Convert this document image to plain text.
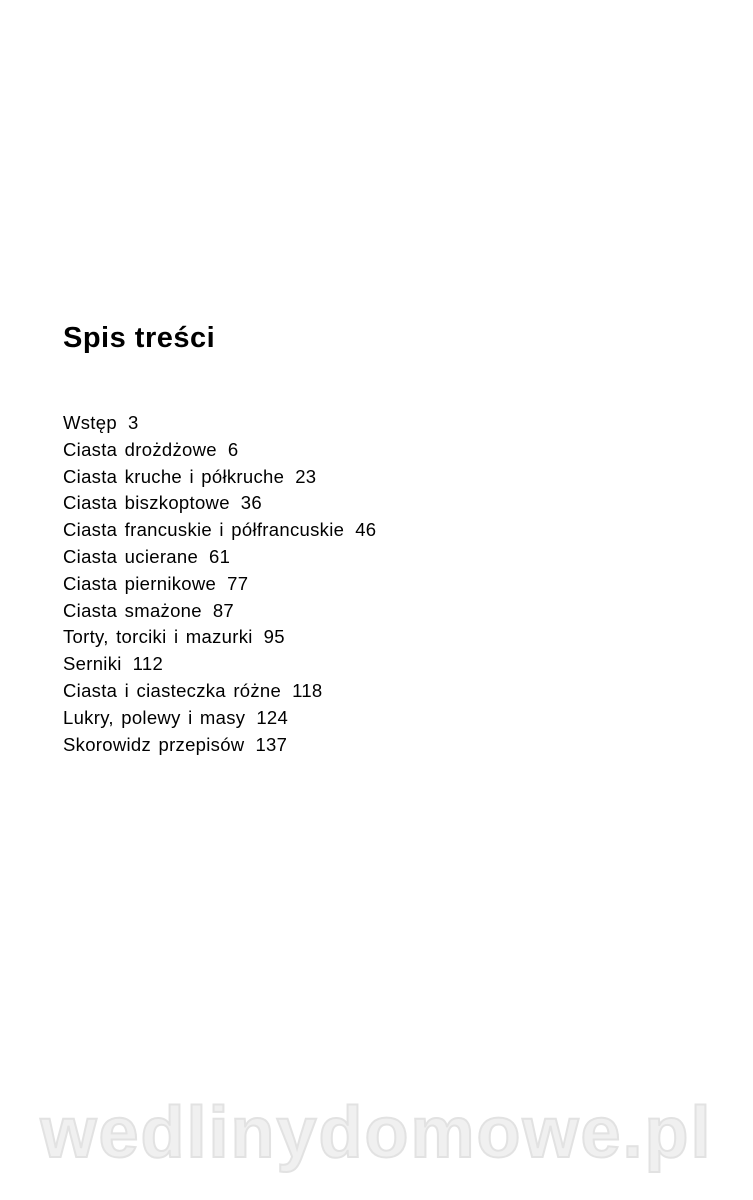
Spis treści
Wstęp 3
Ciasta drożdżowe 6
Ciasta kruche i półkruche 23
Ciasta biszkoptowe 36
Ciasta francuskie i półfrancuskie 46
Ciasta ucierane 61
Ciasta piernikowe 77
Ciasta smażone 87
Torty, torciki i mazurki 95
Serniki 112
Ciasta i ciasteczka różne 118
Lukry, polewy i masy 124
Skorowidz przepisów 137
wedlinydomowe.pl
